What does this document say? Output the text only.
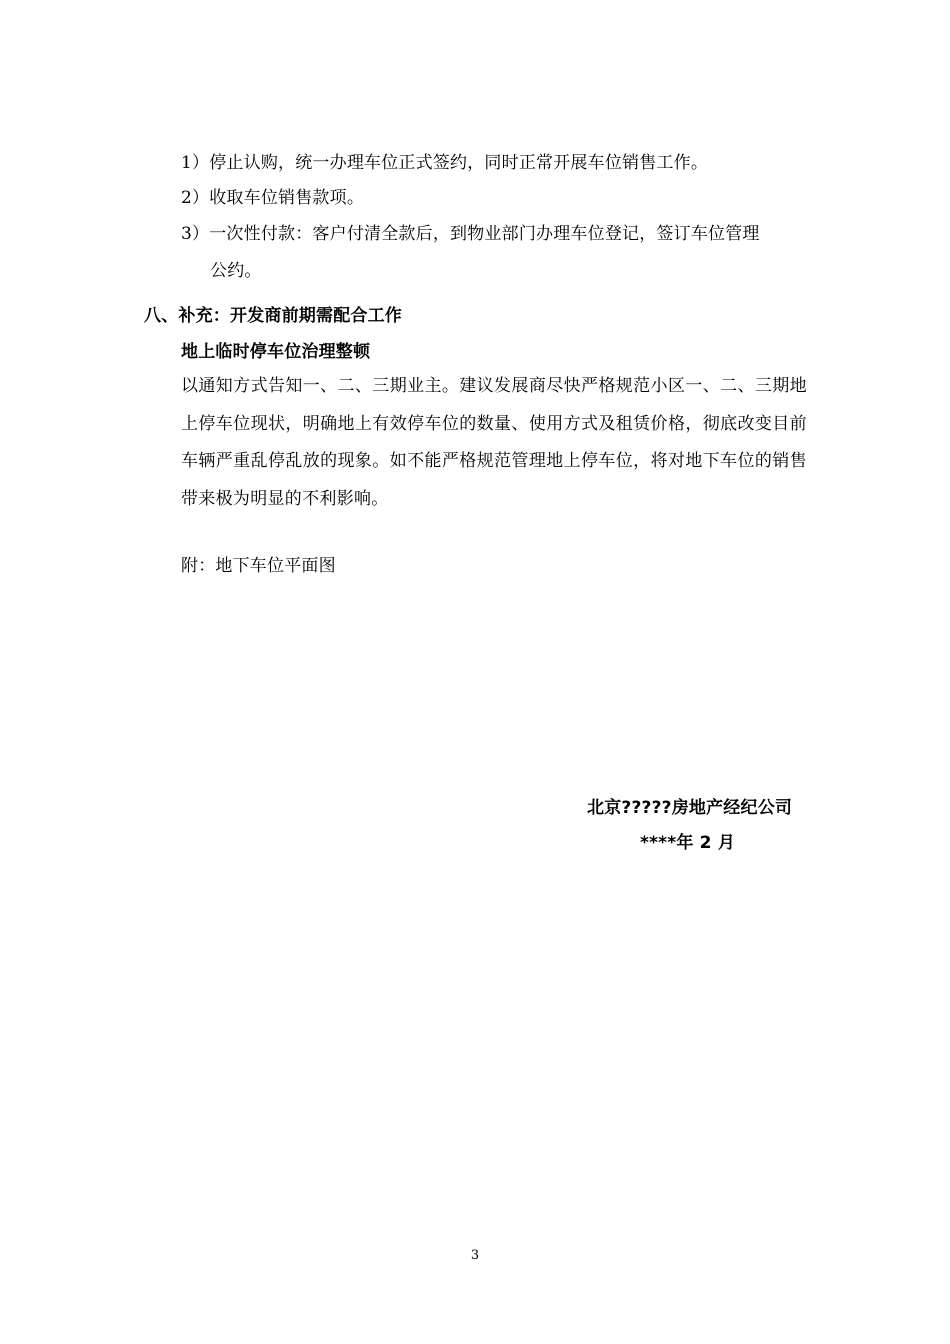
1）停止认购，统一办理车位正式签约，同时正常开展车位销售工作。
2）收取车位销售款项。
3）一次性付款：客户付清全款后，到物业部门办理车位登记，签订车位管理
公约。
八、补充：开发商前期需配合工作
地上临时停车位治理整顿
以通知方式告知一、二、三期业主。建议发展商尽快严格规范小区一、二、三期地上停车位现状，明确地上有效停车位的数量、使用方式及租赁价格，彻底改变目前车辆严重乱停乱放的现象。如不能严格规范管理地上停车位，将对地下车位的销售带来极为明显的不利影响。
附：地下车位平面图
北京?????房地产经纪公司
****年 2 月
3
